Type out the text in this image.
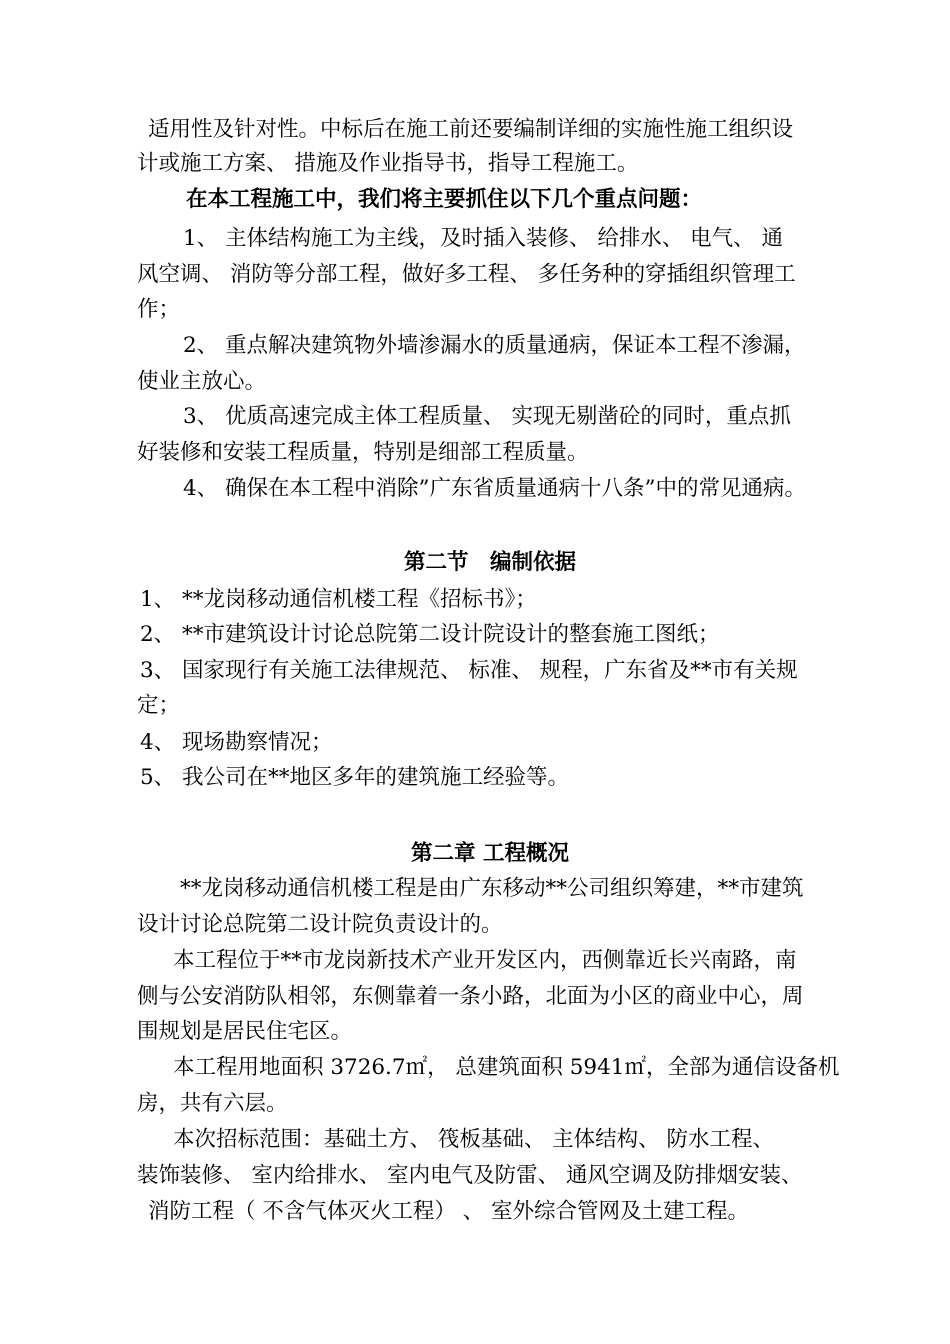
适用性及针对性。中标后在施工前还要编制详细的实施性施工组织设
计或施工方案、 措施及作业指导书，指导工程施工。
在本工程施工中，我们将主要抓住以下几个重点问题：
1、 主体结构施工为主线，及时插入装修、 给排水、 电气、 通
风空调、 消防等分部工程，做好多工程、 多任务种的穿插组织管理工
作；
2、 重点解决建筑物外墙渗漏水的质量通病，保证本工程不渗漏，
使业主放心。
3、 优质高速完成主体工程质量、 实现无剔凿砼的同时，重点抓
好装修和安装工程质量，特别是细部工程质量。
4、 确保在本工程中消除”广东省质量通病十八条”中的常见通病。
第二节　编制依据
1、 **龙岗移动通信机楼工程《招标书》；
2、 **市建筑设计讨论总院第二设计院设计的整套施工图纸；
3、 国家现行有关施工法律规范、 标准、 规程，广东省及**市有关规
定；
4、 现场勘察情况；
5、 我公司在**地区多年的建筑施工经验等。
第二章 工程概况
**龙岗移动通信机楼工程是由广东移动**公司组织筹建，**市建筑
设计讨论总院第二设计院负责设计的。
本工程位于**市龙岗新技术产业开发区内，西侧靠近长兴南路，南
侧与公安消防队相邻，东侧靠着一条小路，北面为小区的商业中心，周
围规划是居民住宅区。
本工程用地面积 3726.7㎡， 总建筑面积 5941㎡，全部为通信设备机
房，共有六层。
本次招标范围：基础土方、 筏板基础、 主体结构、 防水工程、
装饰装修、 室内给排水、 室内电气及防雷、 通风空调及防排烟安装、
消防工程（ 不含气体灭火工程） 、 室外综合管网及土建工程。
